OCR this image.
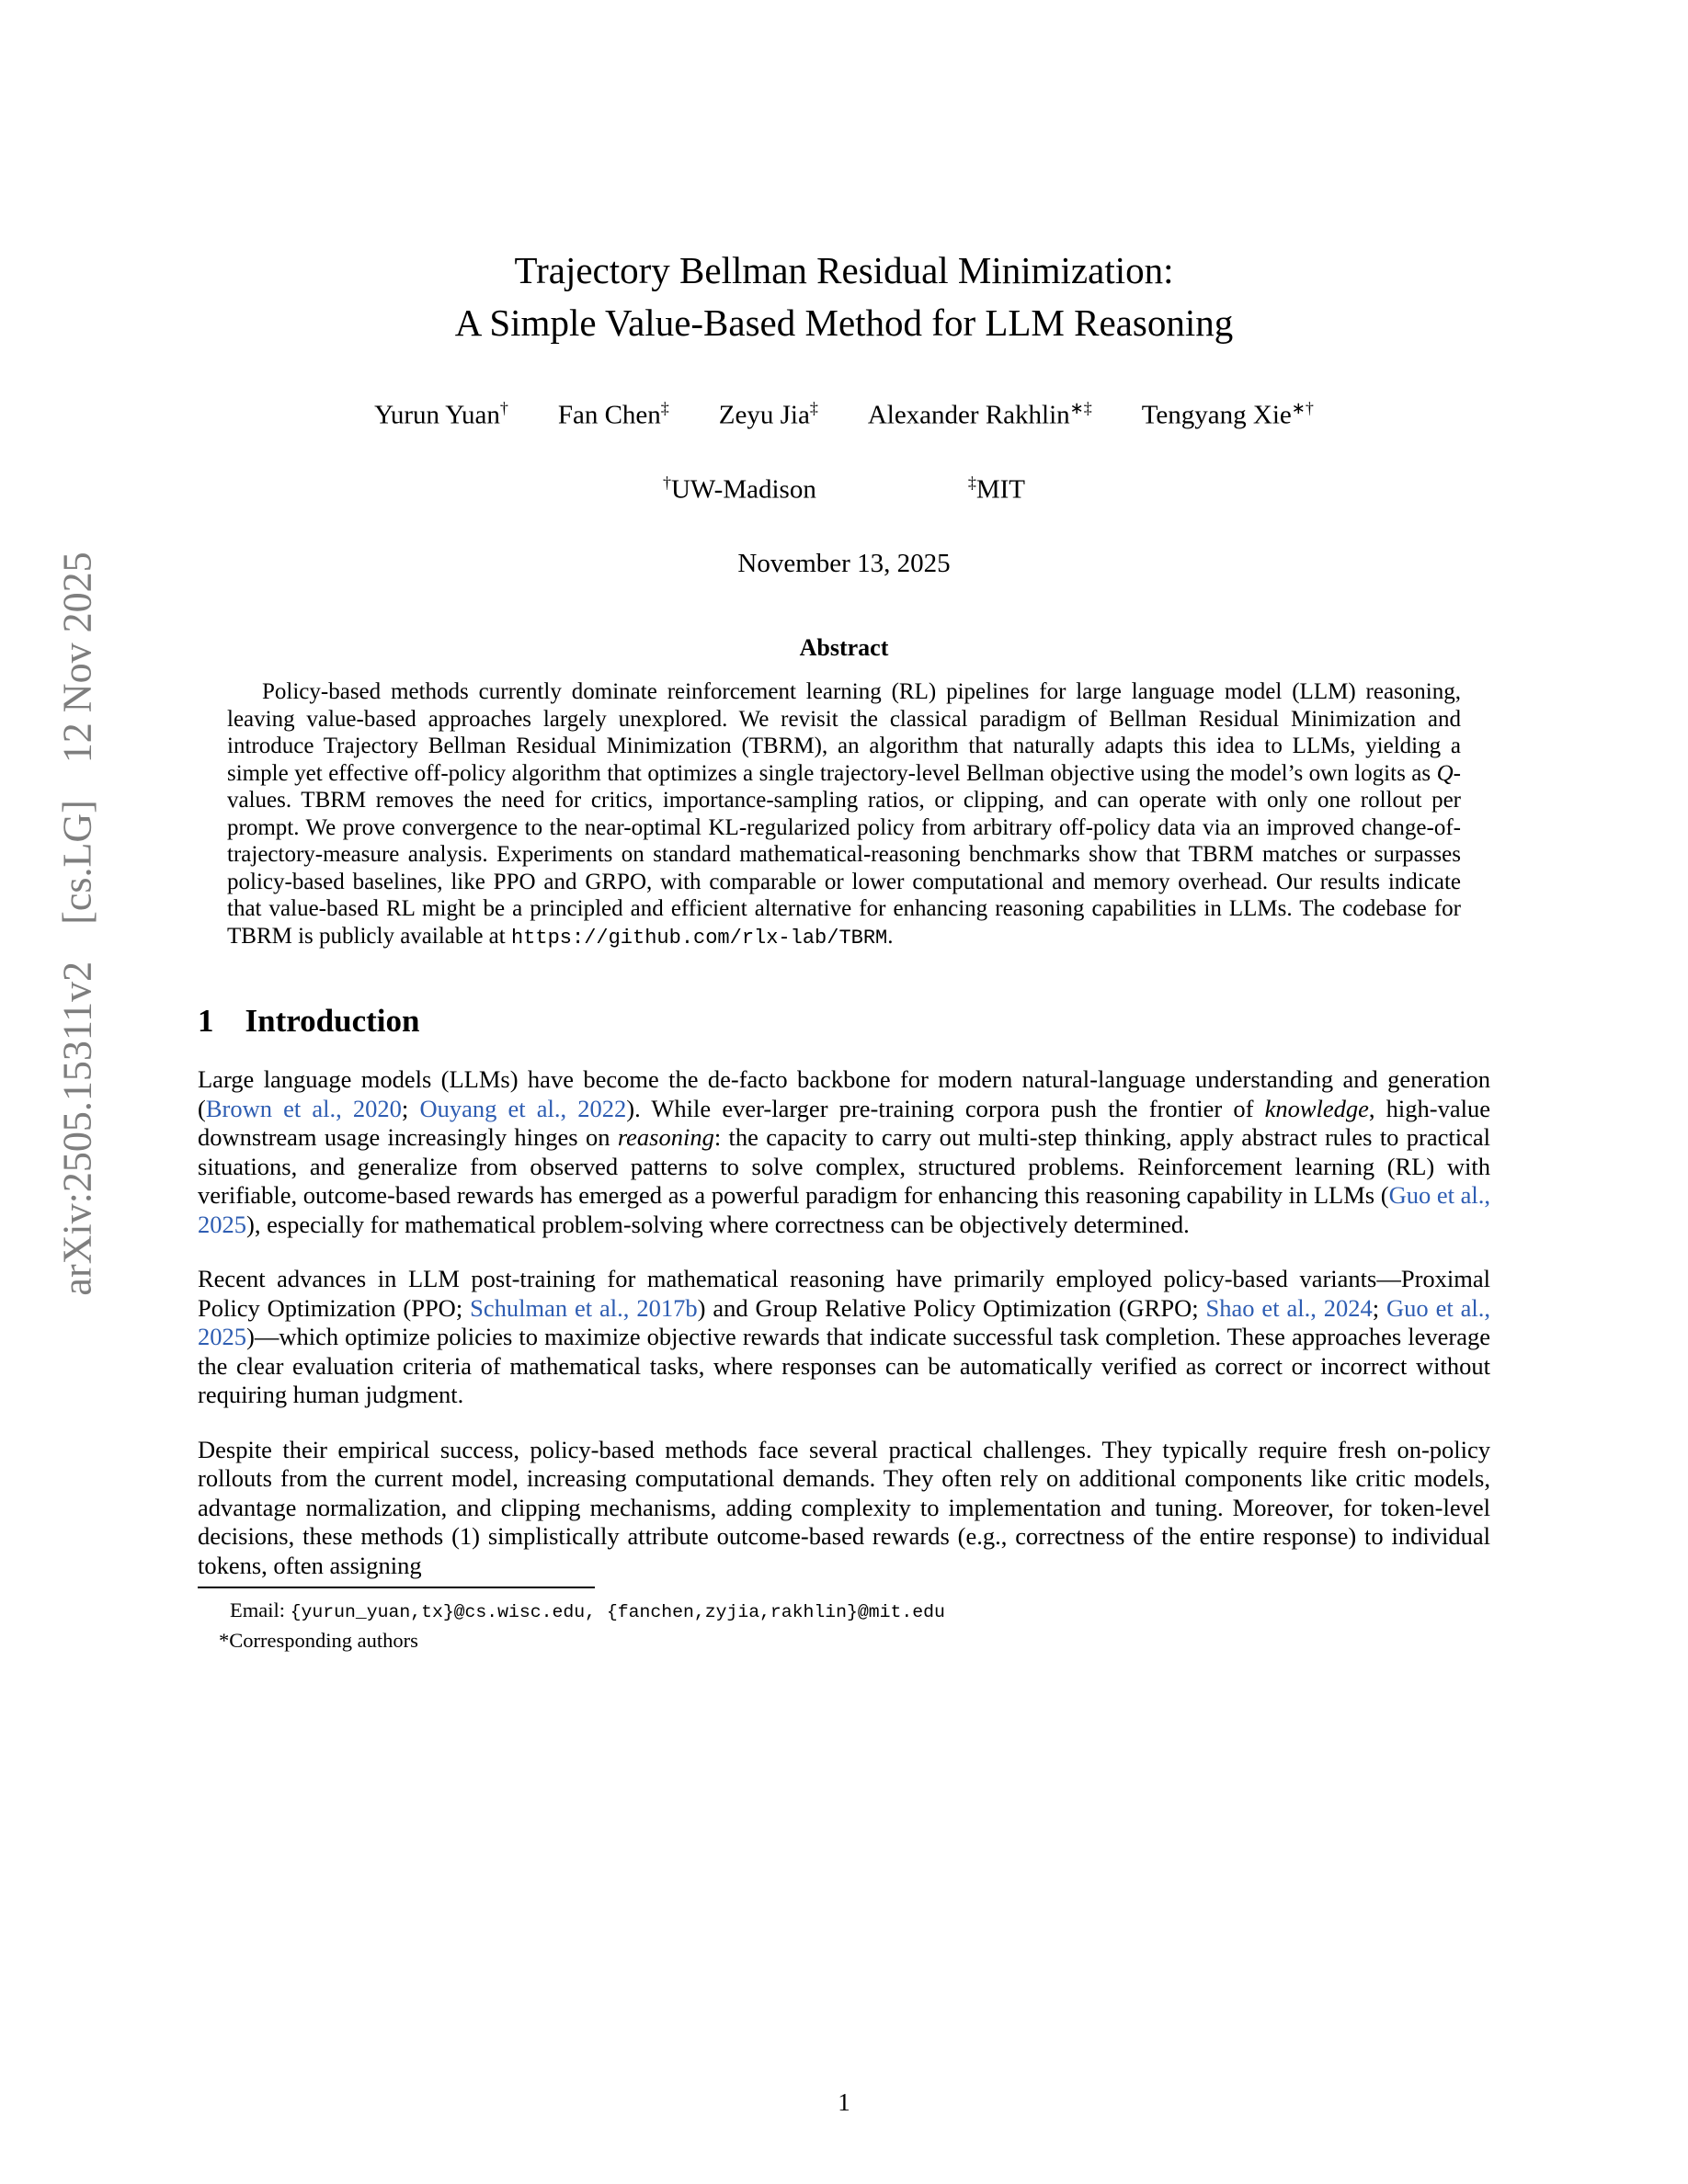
arXiv:2505.15311v2
[cs.LG]
12 Nov 2025
Trajectory Bellman Residual Minimization:
A Simple Value-Based Method for LLM Reasoning
Yurun Yuan† Fan Chen‡ Zeyu Jia‡ Alexander Rakhlin∗‡ Tengyang Xie∗†
†UW-Madison	‡MIT
November 13, 2025
Abstract
Policy-based methods currently dominate reinforcement learning (RL) pipelines for large language model (LLM) reasoning, leaving value-based approaches largely unexplored. We revisit the classical paradigm of Bellman Residual Minimization and introduce Trajectory Bellman Residual Minimization (TBRM), an algorithm that naturally adapts this idea to LLMs, yielding a simple yet effective off-policy algorithm that optimizes a single trajectory-level Bellman objective using the model’s own logits as Q-values. TBRM removes the need for critics, importance-sampling ratios, or clipping, and can operate with only one rollout per prompt. We prove convergence to the near-optimal KL-regularized policy from arbitrary off-policy data via an improved change-of-trajectory-measure analysis. Experiments on standard mathematical-reasoning benchmarks show that TBRM matches or surpasses policy-based baselines, like PPO and GRPO, with comparable or lower computational and memory overhead. Our results indicate that value-based RL might be a principled and efficient alternative for enhancing reasoning capabilities in LLMs. The codebase for TBRM is publicly available at https://github.com/rlx-lab/TBRM.
1 Introduction
Large language models (LLMs) have become the de-facto backbone for modern natural-language understanding and generation (Brown et al., 2020; Ouyang et al., 2022). While ever-larger pre-training corpora push the frontier of knowledge, high-value downstream usage increasingly hinges on reasoning: the capacity to carry out multi-step thinking, apply abstract rules to practical situations, and generalize from observed patterns to solve complex, structured problems. Reinforcement learning (RL) with verifiable, outcome-based rewards has emerged as a powerful paradigm for enhancing this reasoning capability in LLMs (Guo et al., 2025), especially for mathematical problem-solving where correctness can be objectively determined.
Recent advances in LLM post-training for mathematical reasoning have primarily employed policy-based variants—Proximal Policy Optimization (PPO; Schulman et al., 2017b) and Group Relative Policy Optimization (GRPO; Shao et al., 2024; Guo et al., 2025)—which optimize policies to maximize objective rewards that indicate successful task completion. These approaches leverage the clear evaluation criteria of mathematical tasks, where responses can be automatically verified as correct or incorrect without requiring human judgment.
Despite their empirical success, policy-based methods face several practical challenges. They typically require fresh on-policy rollouts from the current model, increasing computational demands. They often rely on additional components like critic models, advantage normalization, and clipping mechanisms, adding complexity to implementation and tuning. Moreover, for token-level decisions, these methods (1) simplistically attribute outcome-based rewards (e.g., correctness of the entire response) to individual tokens, often assigning
Email: {yurun_yuan,tx}@cs.wisc.edu, {fanchen,zyjia,rakhlin}@mit.edu
*Corresponding authors
1
